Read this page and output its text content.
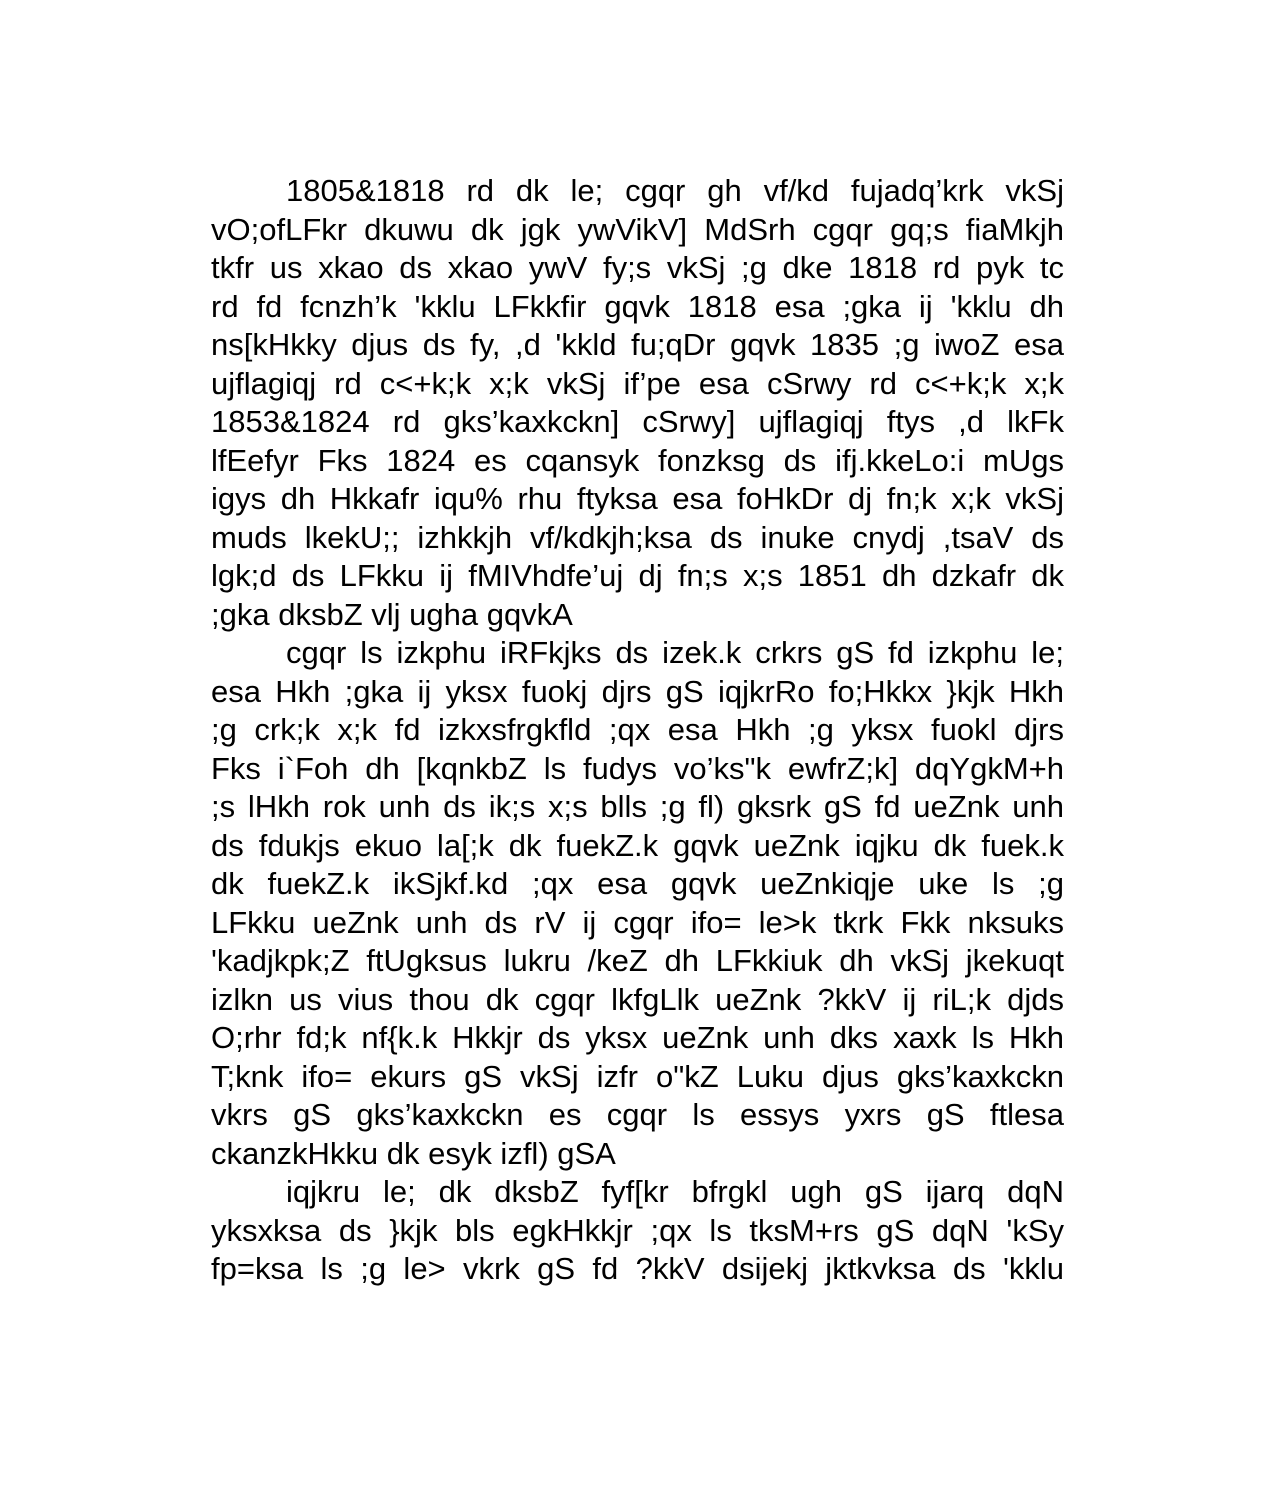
1805&1818 rd dk le; cgqr gh vf/kd fujadq’krk vkSj
vO;ofLFkr dkuwu dk jgk ywVikV] MdSrh cgqr gq;s fiaMkjh
tkfr us xkao ds xkao ywV fy;s vkSj ;g dke 1818 rd pyk tc
rd fd fcnzh’k 'kklu LFkkfir gqvk 1818 esa ;gka ij 'kklu dh
ns[kHkky djus ds fy, ,d 'kkld fu;qDr gqvk 1835 ;g iwoZ esa
ujflagiqj rd c<+k;k x;k vkSj if’pe esa cSrwy rd c<+k;k x;k
1853&1824 rd gks’kaxkckn] cSrwy] ujflagiqj ftys ,d lkFk
lfEefyr Fks 1824 es cqansyk fonzksg ds ifj.kkeLo:i mUgs
igys dh Hkkafr iqu% rhu ftyksa esa foHkDr dj fn;k x;k vkSj
muds lkekU;; izhkkjh vf/kdkjh;ksa ds inuke cnydj ,tsaV ds
lgk;d ds LFkku ij fMIVhdfe’uj dj fn;s x;s 1851 dh dzkafr dk
;gka dksbZ vlj ugha gqvkA
cgqr ls izkphu iRFkjks ds izek.k crkrs gS fd izkphu le;
esa Hkh ;gka ij yksx fuokj djrs gS iqjkrRo fo;Hkkx }kjk Hkh
;g crk;k x;k fd izkxsfrgkfld ;qx esa Hkh ;g yksx fuokl djrs
Fks i`Foh dh [kqnkbZ ls fudys vo’ks"k ewfrZ;k] dqYgkM+h
;s lHkh rok unh ds ik;s x;s blls ;g fl) gksrk gS fd ueZnk unh
ds fdukjs ekuo la[;k dk fuekZ.k gqvk ueZnk iqjku dk fuek.k
dk fuekZ.k ikSjkf.kd ;qx esa gqvk ueZnkiqje uke ls ;g
LFkku ueZnk unh ds rV ij cgqr ifo= le>k tkrk Fkk nksuks
'kadjkpk;Z ftUgksus lukru /keZ dh LFkkiuk dh vkSj jkekuqt
izlkn us vius thou dk cgqr lkfgLlk ueZnk ?kkV ij riL;k djds
O;rhr fd;k nf{k.k Hkkjr ds yksx ueZnk unh dks xaxk ls Hkh
T;knk ifo= ekurs gS vkSj izfr o"kZ Luku djus gks’kaxkckn
vkrs gS gks’kaxkckn es cgqr ls essys yxrs gS ftlesa
ckanzkHkku dk esyk izfl) gSA
iqjkru le; dk dksbZ fyf[kr bfrgkl ugh gS ijarq dqN
yksxksa ds }kjk bls egkHkkjr ;qx ls tksM+rs gS dqN 'kSy
fp=ksa ls ;g le> vkrk gS fd ?kkV dsijekj jktkvksa ds 'kklu
